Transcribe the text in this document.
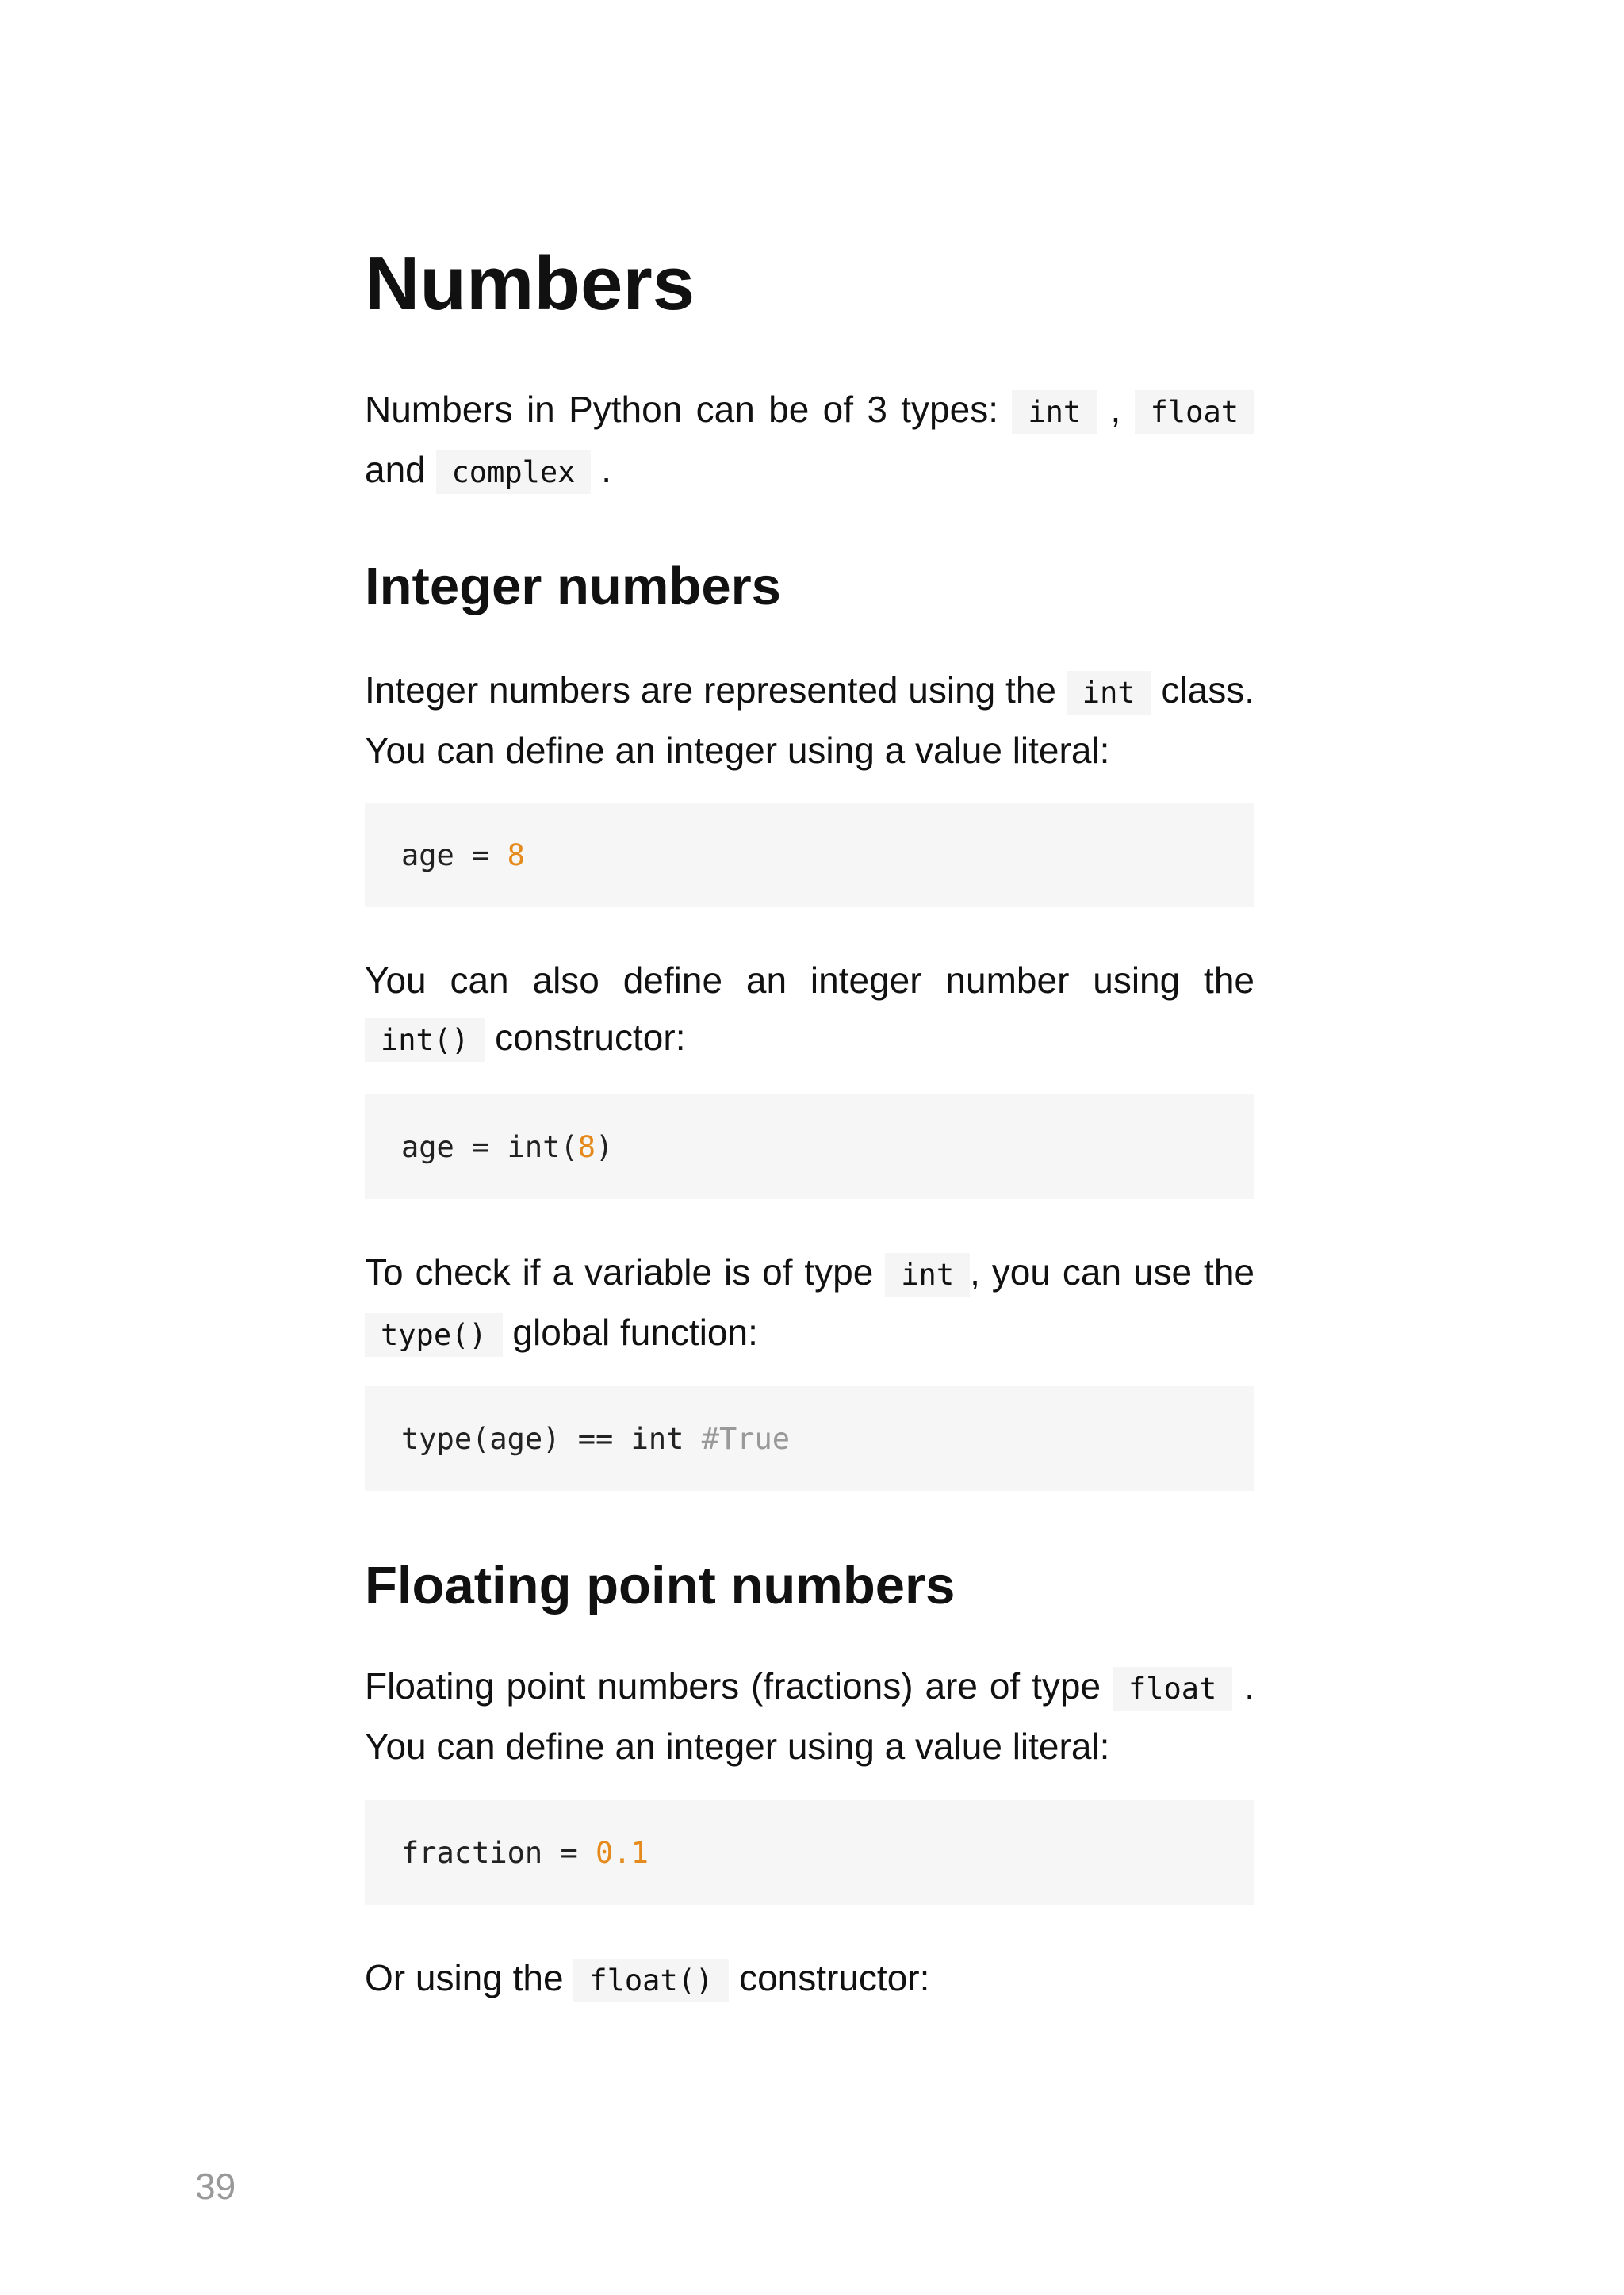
Numbers

Numbers in Python can be of 3 types: int , float and complex .

Integer numbers

Integer numbers are represented using the int class. You can define an integer using a value literal:

age = 8

You can also define an integer number using the int() constructor:

age = int( 8 )

To check if a variable is of type int , you can use the type() global function:

type(age) == int #True
Floating point numbers

Floating point numbers (fractions) are of type float . You can define an integer using a value literal:

fraction = 0.1

Or using the float() constructor:

39
